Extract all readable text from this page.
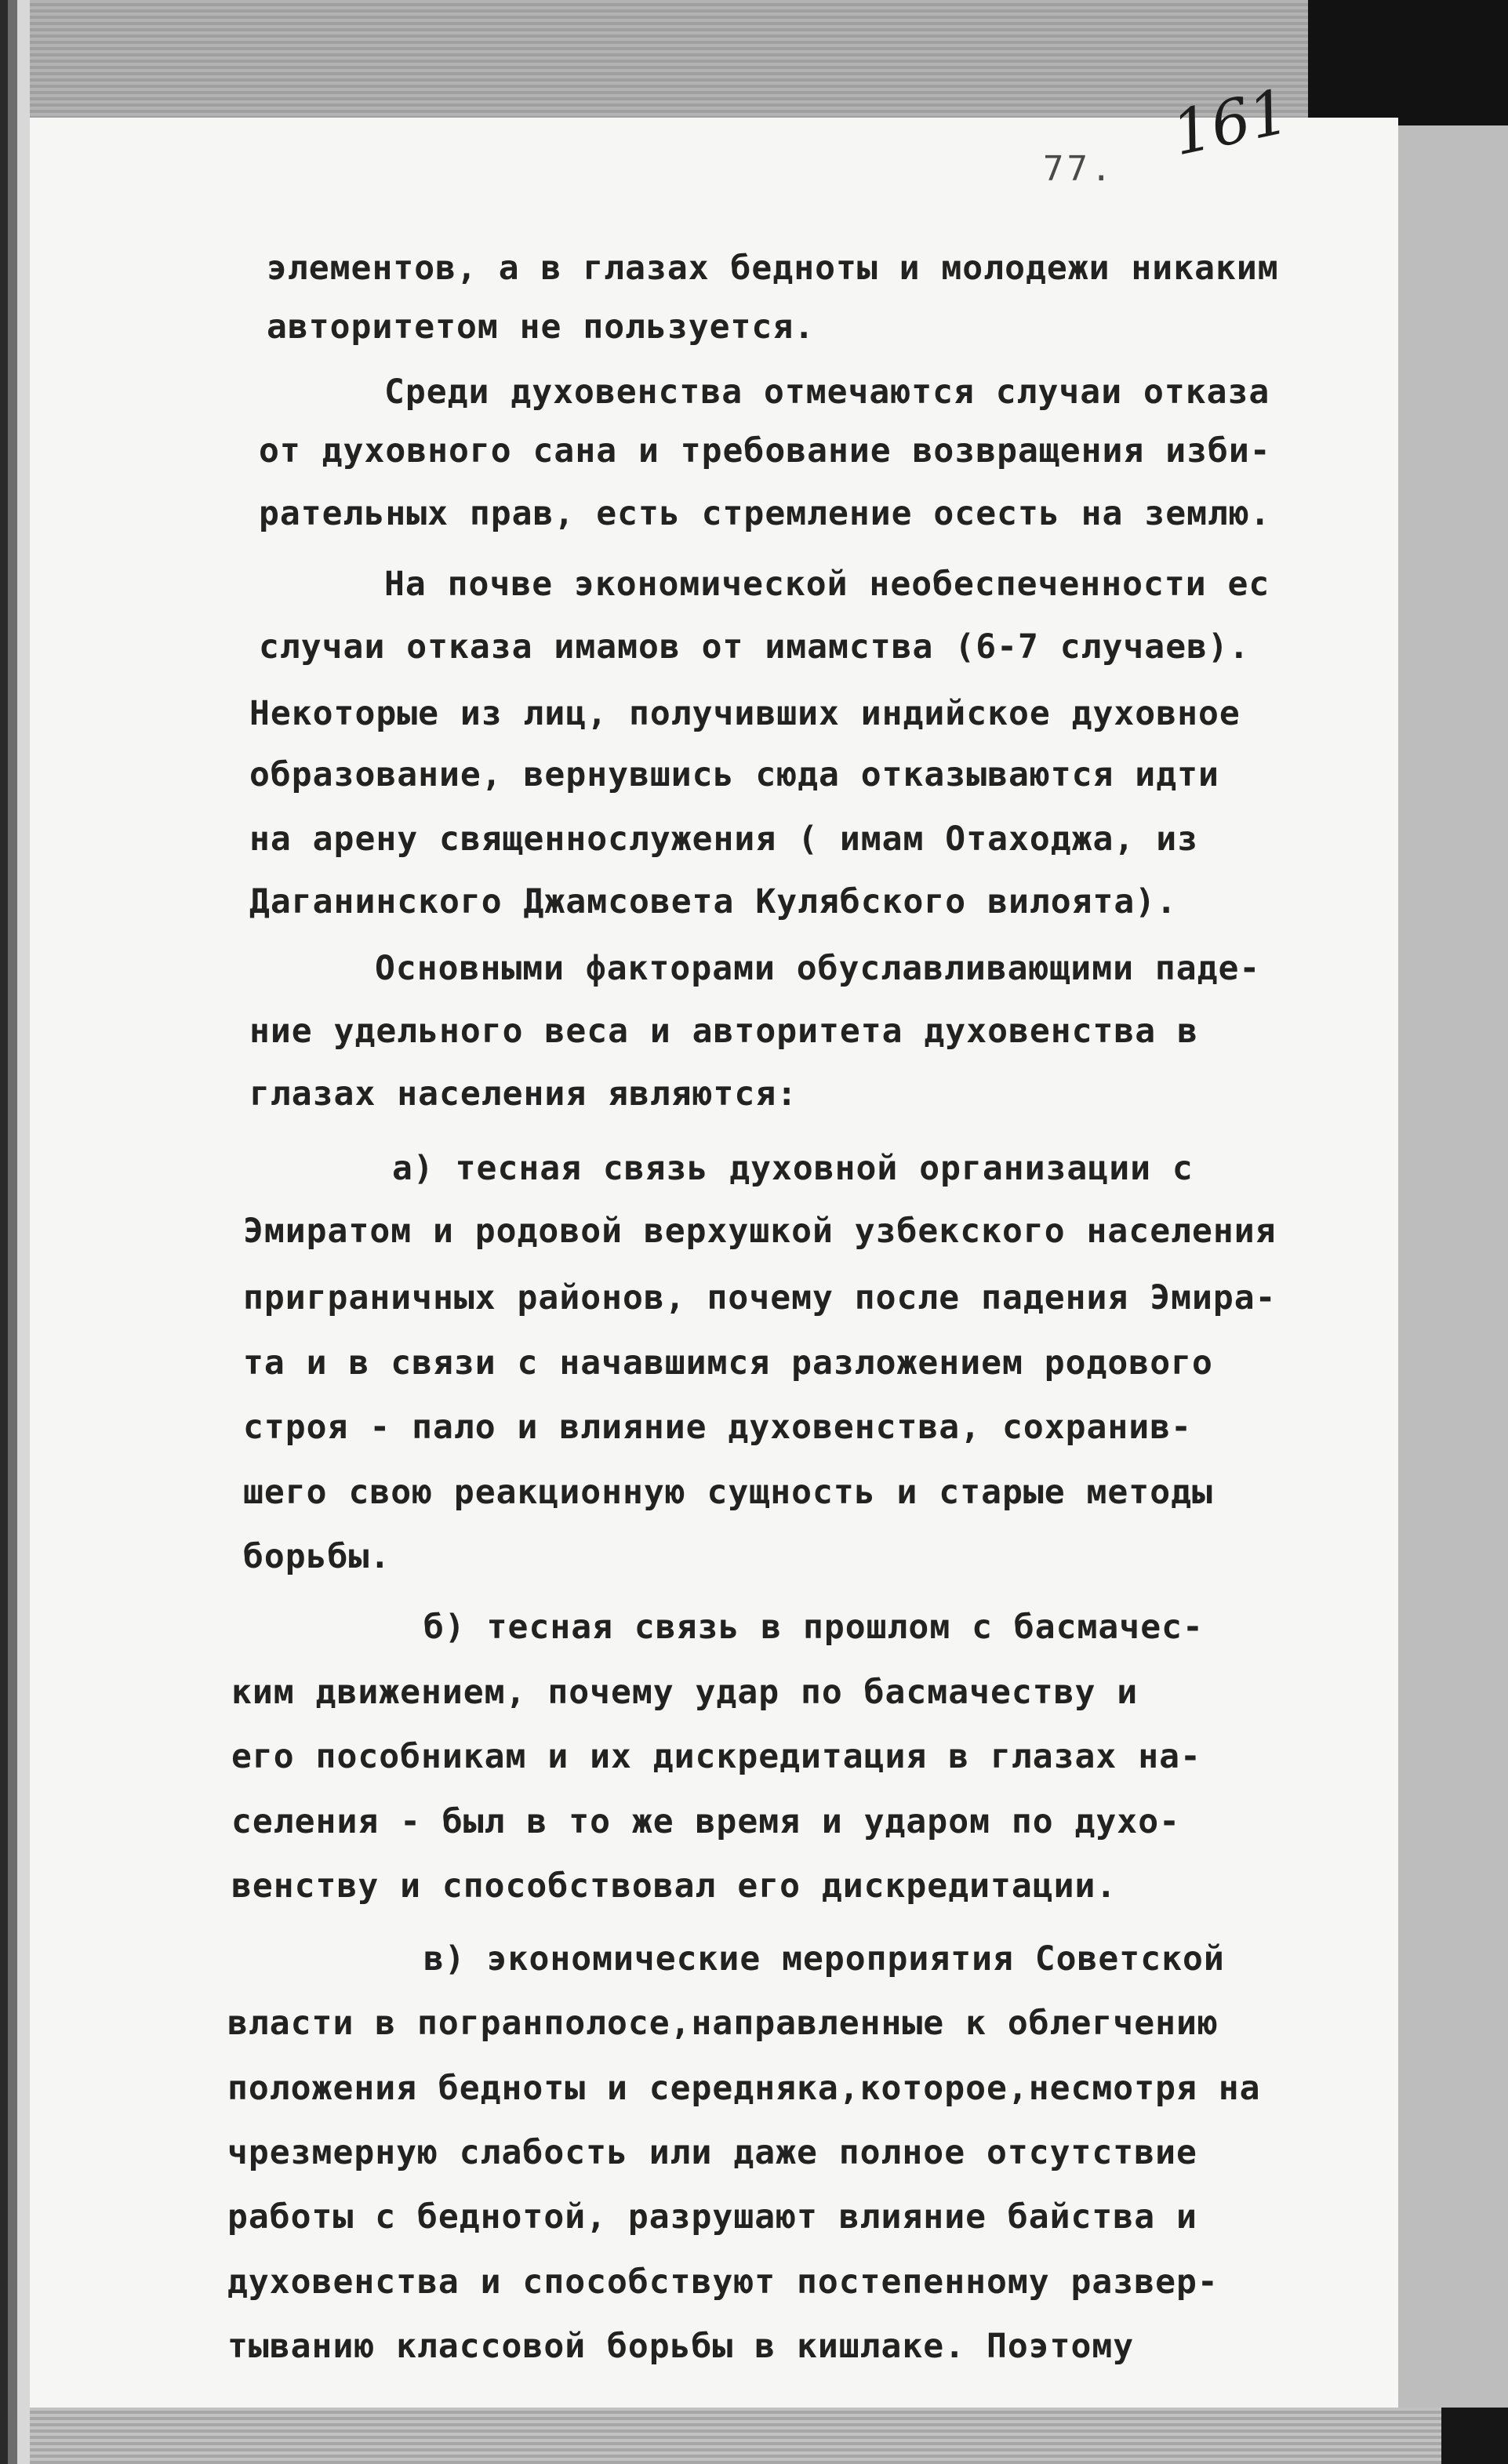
161
77.
элементов, а в глазах бедноты и молодежи никаким
авторитетом не пользуется.
Среди духовенства отмечаются случаи отказа
от духовного сана и требование возвращения изби-
рательных прав, есть стремление осесть на землю.
На почве экономической необеспеченности ес
случаи отказа имамов от имамства (6-7 случаев).
Некоторые из лиц, получивших индийское духовное
образование, вернувшись сюда отказываются идти
на арену священнослужения ( имам Отаходжа, из
Даганинского Джамсовета Кулябского вилоята).
Основными факторами обуславливающими паде-
ние удельного веса и авторитета духовенства в
глазах населения являются:
а) тесная связь духовной организации с
Эмиратом и родовой верхушкой узбекского населения
приграничных районов, почему после падения Эмира-
та и в связи с начавшимся разложением родового
строя - пало и влияние духовенства, сохранив-
шего свою реакционную сущность и старые методы
борьбы.
б) тесная связь в прошлом с басмачес-
ким движением, почему удар по басмачеству и
его пособникам и их дискредитация в глазах на-
селения - был в то же время и ударом по духо-
венству и способствовал его дискредитации.
в) экономические мероприятия Советской
власти в погранполосе,направленные к облегчению
положения бедноты и середняка,которое,несмотря на
чрезмерную слабость или даже полное отсутствие
работы с беднотой, разрушают влияние байства и
духовенства и способствуют постепенному развер-
тыванию классовой борьбы в кишлаке. Поэтому
